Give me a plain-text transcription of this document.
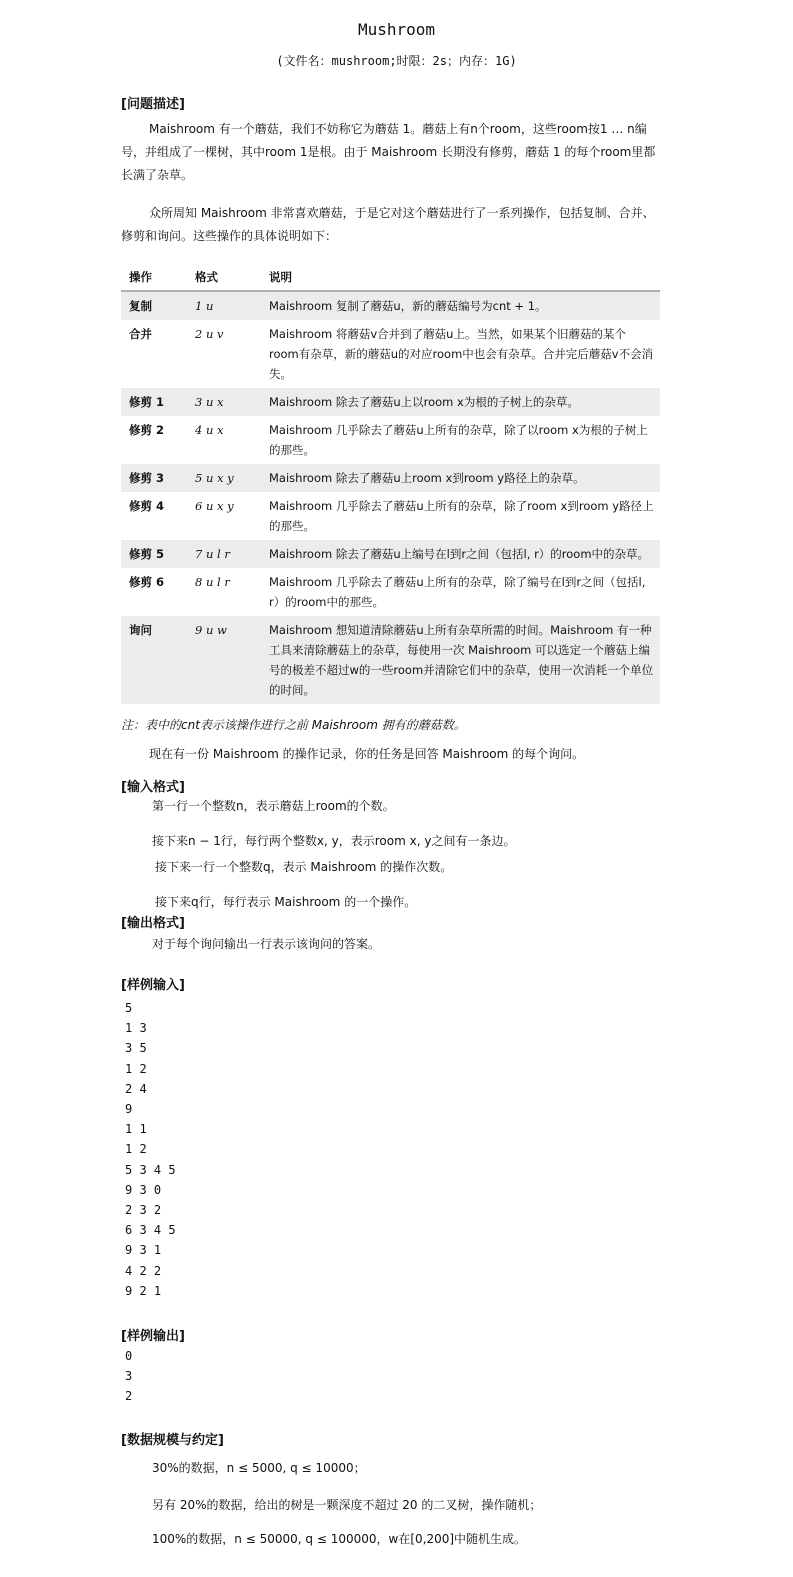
Mushroom
(文件名：mushroom;时限：2s；内存：1G)
[问题描述]
Maishroom 有一个蘑菇，我们不妨称它为蘑菇 1。蘑菇上有n个room，这些room按1 … n编号，并组成了一棵树，其中room 1是根。由于 Maishroom 长期没有修剪，蘑菇 1 的每个room里都长满了杂草。
众所周知 Maishroom 非常喜欢蘑菇，于是它对这个蘑菇进行了一系列操作，包括复制、合并、修剪和询问。这些操作的具体说明如下：
操作	格式	说明
复制	1 u	Maishroom 复制了蘑菇u，新的蘑菇编号为cnt + 1。
合并	2 u v	Maishroom 将蘑菇v合并到了蘑菇u上。当然，如果某个旧蘑菇的某个room有杂草，新的蘑菇u的对应room中也会有杂草。合并完后蘑菇v不会消失。
修剪 1	3 u x	Maishroom 除去了蘑菇u上以room x为根的子树上的杂草。
修剪 2	4 u x	Maishroom 几乎除去了蘑菇u上所有的杂草，除了以room x为根的子树上的那些。
修剪 3	5 u x y	Maishroom 除去了蘑菇u上room x到room y路径上的杂草。
修剪 4	6 u x y	Maishroom 几乎除去了蘑菇u上所有的杂草，除了room x到room y路径上的那些。
修剪 5	7 u l r	Maishroom 除去了蘑菇u上编号在l到r之间（包括l, r）的room中的杂草。
修剪 6	8 u l r	Maishroom 几乎除去了蘑菇u上所有的杂草，除了编号在l到r之间（包括l, r）的room中的那些。
询问	9 u w	Maishroom 想知道清除蘑菇u上所有杂草所需的时间。Maishroom 有一种工具来清除蘑菇上的杂草，每使用一次 Maishroom 可以选定一个蘑菇上编号的极差不超过w的一些room并清除它们中的杂草，使用一次消耗一个单位的时间。
注：表中的cnt表示该操作进行之前 Maishroom 拥有的蘑菇数。
现在有一份 Maishroom 的操作记录，你的任务是回答 Maishroom 的每个询问。
[输入格式]
第一行一个整数n，表示蘑菇上room的个数。
接下来n − 1行，每行两个整数x, y，表示room x, y之间有一条边。
接下来一行一个整数q，表示 Maishroom 的操作次数。
接下来q行，每行表示 Maishroom 的一个操作。
[输出格式]
对于每个询问输出一行表示该询问的答案。
[样例输入]
5
1 3
3 5
1 2
2 4
9
1 1
1 2
5 3 4 5
9 3 0
2 3 2
6 3 4 5
9 3 1
4 2 2
9 2 1
[样例输出]
0
3
2
[数据规模与约定]
30%的数据，n ≤ 5000, q ≤ 10000；
另有 20%的数据，给出的树是一颗深度不超过 20 的二叉树，操作随机；
100%的数据，n ≤ 50000, q ≤ 100000，w在[0,200]中随机生成。
